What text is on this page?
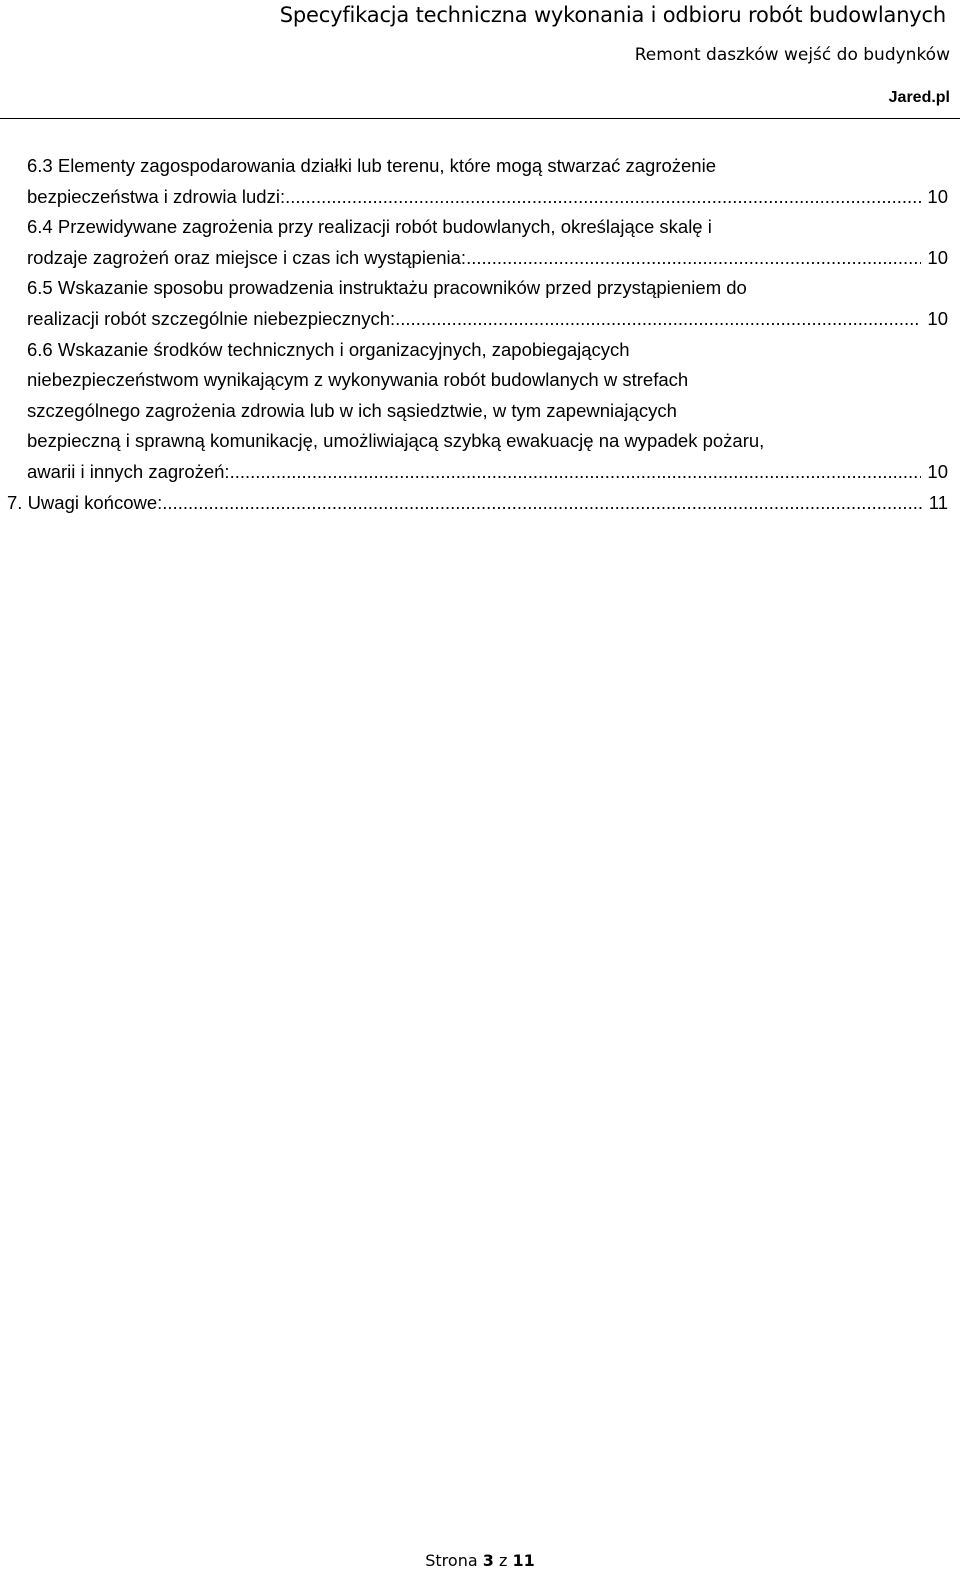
Specyfikacja techniczna wykonania i odbioru robót budowlanych
Remont daszków wejść do budynków
Jared.pl
6.3 Elementy zagospodarowania działki lub terenu, które mogą stwarzać zagrożenie
bezpieczeństwa i zdrowia ludzi: .....	10
6.4 Przewidywane zagrożenia przy realizacji robót budowlanych, określające skalę i
rodzaje zagrożeń oraz miejsce i czas ich wystąpienia: .....	10
6.5 Wskazanie sposobu prowadzenia instruktażu pracowników przed przystąpieniem do
realizacji robót szczególnie niebezpiecznych: .....	10
6.6 Wskazanie środków technicznych i organizacyjnych, zapobiegających
niebezpieczeństwom wynikającym z wykonywania robót budowlanych w strefach
szczególnego zagrożenia zdrowia lub w ich sąsiedztwie, w tym zapewniających
bezpieczną i sprawną komunikację, umożliwiającą szybką ewakuację na wypadek pożaru,
awarii i innych zagrożeń: .....	10
7. Uwagi końcowe: .....	11
Strona 3 z 11
